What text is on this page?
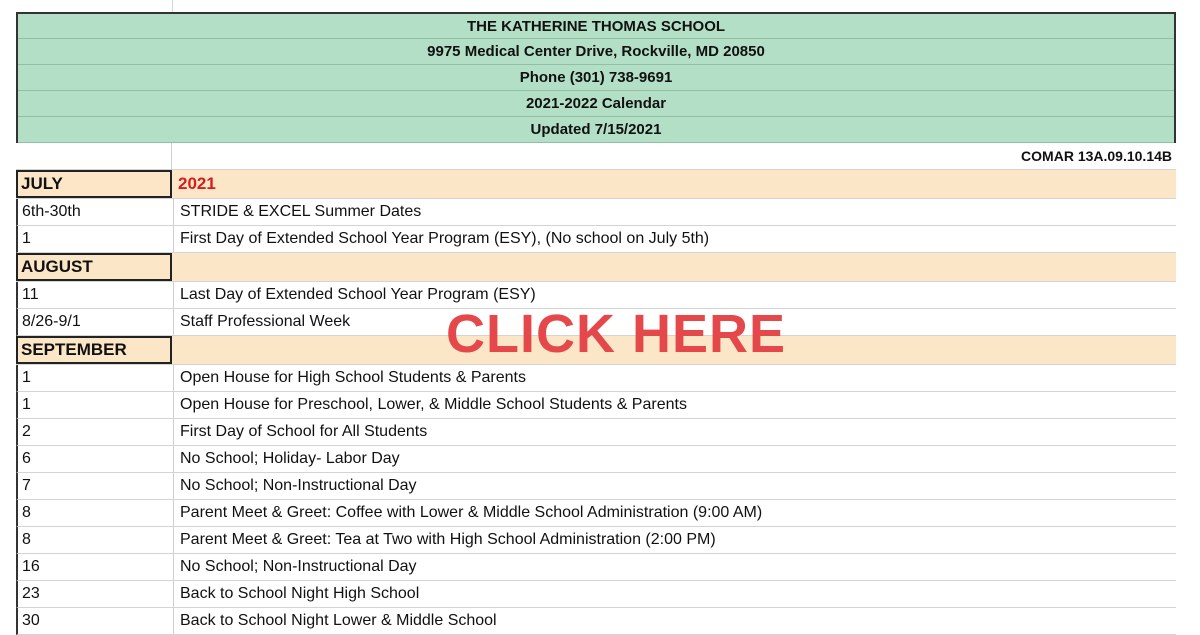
THE KATHERINE THOMAS SCHOOL
9975 Medical Center Drive, Rockville, MD 20850
Phone (301) 738-9691
2021-2022 Calendar
Updated 7/15/2021
COMAR 13A.09.10.14B
JULY	2021
6th-30th	STRIDE & EXCEL Summer Dates
1	First Day of Extended School Year Program (ESY), (No school on July 5th)
AUGUST
11	Last Day of Extended School Year Program (ESY)
8/26-9/1	Staff Professional Week
SEPTEMBER
1	Open House for High School Students & Parents
1	Open House for Preschool, Lower, & Middle School Students & Parents
2	First Day of School for All Students
6	No School; Holiday- Labor Day
7	No School; Non-Instructional Day
8	Parent Meet & Greet: Coffee with Lower & Middle School Administration (9:00 AM)
8	Parent Meet & Greet: Tea at Two with High School Administration (2:00 PM)
16	No School; Non-Instructional Day
23	Back to School Night High School
30	Back to School Night Lower & Middle School
CLICK HERE
